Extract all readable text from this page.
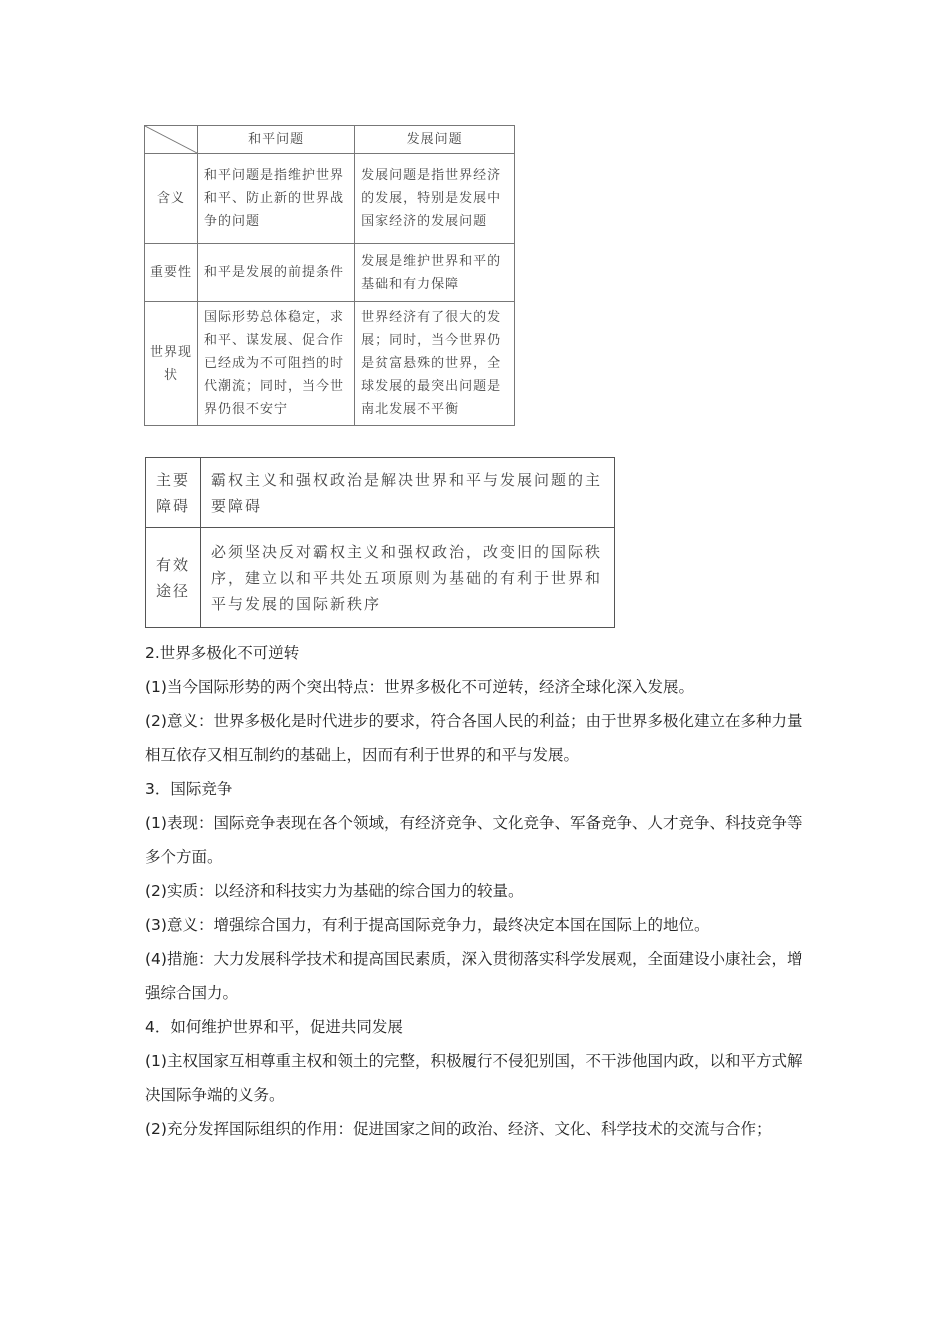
	和平问题	发展问题
含义	和平问题是指维护世界和平、防止新的世界战争的问题	发展问题是指世界经济的发展，特别是发展中国家经济的发展问题
重要性	和平是发展的前提条件	发展是维护世界和平的基础和有力保障
世界现状	国际形势总体稳定，求和平、谋发展、促合作已经成为不可阻挡的时代潮流；同时，当今世界仍很不安宁	世界经济有了很大的发展；同时，当今世界仍是贫富悬殊的世界，全球发展的最突出问题是南北发展不平衡
主要障碍	霸权主义和强权政治是解决世界和平与发展问题的主要障碍
有效途径	必须坚决反对霸权主义和强权政治，改变旧的国际秩序，建立以和平共处五项原则为基础的有利于世界和平与发展的国际新秩序

2.世界多极化不可逆转

(1)当今国际形势的两个突出特点：世界多极化不可逆转，经济全球化深入发展。

(2)意义：世界多极化是时代进步的要求，符合各国人民的利益；由于世界多极化建立在多种力量相互依存又相互制约的基础上，因而有利于世界的和平与发展。

3．国际竞争

(1)表现：国际竞争表现在各个领域，有经济竞争、文化竞争、军备竞争、人才竞争、科技竞争等多个方面。

(2)实质：以经济和科技实力为基础的综合国力的较量。

(3)意义：增强综合国力，有利于提高国际竞争力，最终决定本国在国际上的地位。

(4)措施：大力发展科学技术和提高国民素质，深入贯彻落实科学发展观，全面建设小康社会，增强综合国力。

4．如何维护世界和平，促进共同发展

(1)主权国家互相尊重主权和领土的完整，积极履行不侵犯别国，不干涉他国内政，以和平方式解决国际争端的义务。

(2)充分发挥国际组织的作用：促进国家之间的政治、经济、文化、科学技术的交流与合作；
